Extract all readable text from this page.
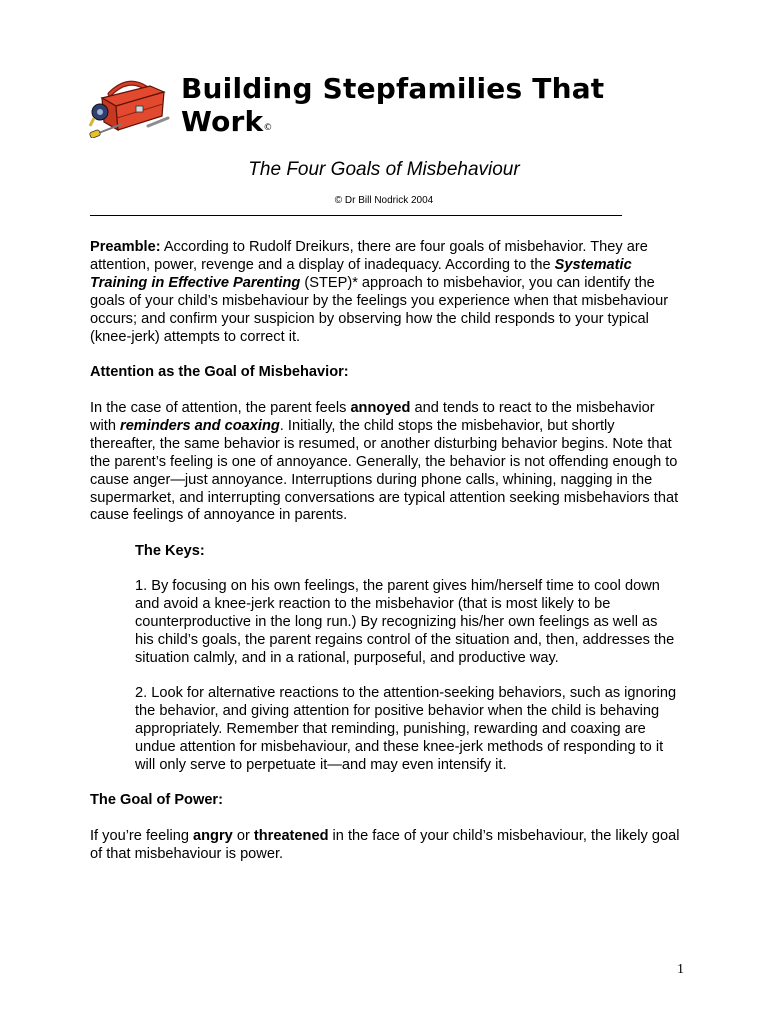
Building Stepfamilies That
Work©
The Four Goals of Misbehaviour
© Dr Bill Nodrick 2004

Preamble: According to Rudolf Dreikurs, there are four goals of misbehavior. They are attention, power, revenge and a display of inadequacy. According to the Systematic Training in Effective Parenting (STEP)* approach to misbehavior, you can identify the goals of your child’s misbehaviour by the feelings you experience when that misbehaviour occurs; and confirm your suspicion by observing how the child responds to your typical (knee-jerk) attempts to correct it.

Attention as the Goal of Misbehavior:

In the case of attention, the parent feels annoyed and tends to react to the misbehavior with reminders and coaxing. Initially, the child stops the misbehavior, but shortly thereafter, the same behavior is resumed, or another disturbing behavior begins. Note that the parent’s feeling is one of annoyance. Generally, the behavior is not offending enough to cause anger—just annoyance. Interruptions during phone calls, whining, nagging in the supermarket, and interrupting conversations are typical attention seeking misbehaviors that cause feelings of annoyance in parents.

The Keys:
1. By focusing on his own feelings, the parent gives him/herself time to cool down and avoid a knee-jerk reaction to the misbehavior (that is most likely to be counterproductive in the long run.) By recognizing his/her own feelings as well as his child’s goals, the parent regains control of the situation and, then, addresses the situation calmly, and in a rational, purposeful, and productive way.
2. Look for alternative reactions to the attention-seeking behaviors, such as ignoring the behavior, and giving attention for positive behavior when the child is behaving appropriately. Remember that reminding, punishing, rewarding and coaxing are undue attention for misbehaviour, and these knee-jerk methods of responding to it will only serve to perpetuate it—and may even intensify it.
The Goal of Power:

If you’re feeling angry or threatened in the face of your child’s misbehaviour, the likely goal of that misbehaviour is power.

1
